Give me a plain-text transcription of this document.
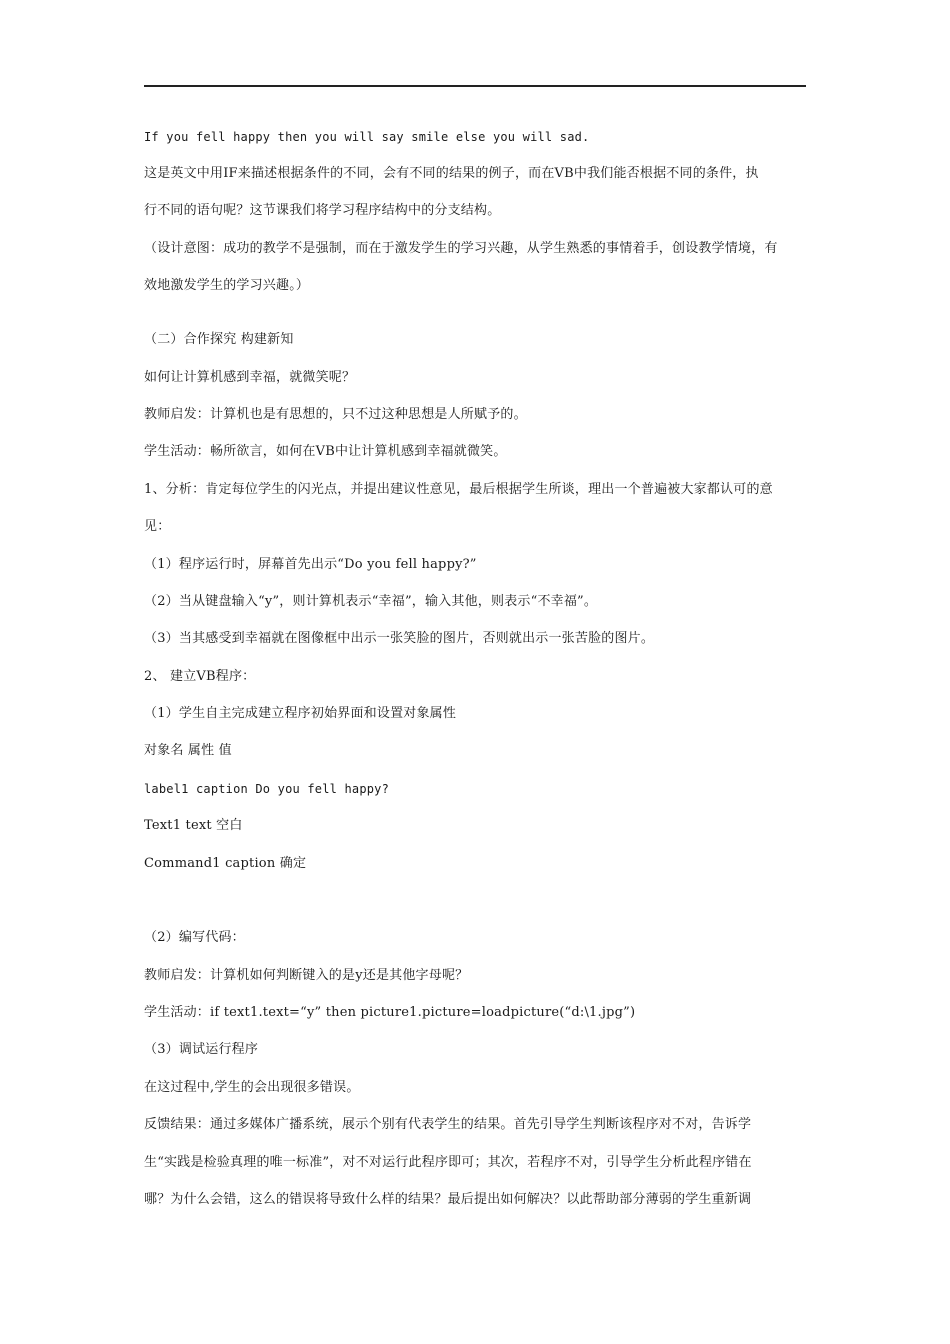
If you fell happy then you will say smile else you will sad.
这是英文中用IF来描述根据条件的不同，会有不同的结果的例子，而在VB中我们能否根据不同的条件，执
行不同的语句呢？这节课我们将学习程序结构中的分支结构。
（设计意图：成功的教学不是强制，而在于激发学生的学习兴趣，从学生熟悉的事情着手，创设教学情境，有
效地激发学生的学习兴趣。）
（二）合作探究 构建新知
如何让计算机感到幸福，就微笑呢？
教师启发：计算机也是有思想的，只不过这种思想是人所赋予的。
学生活动：畅所欲言，如何在VB中让计算机感到幸福就微笑。
1、分析：肯定每位学生的闪光点，并提出建议性意见，最后根据学生所谈，理出一个普遍被大家都认可的意
见：
（1）程序运行时，屏幕首先出示“Do you fell happy?”
（2）当从键盘输入“y”，则计算机表示“幸福”，输入其他，则表示“不幸福”。
（3）当其感受到幸福就在图像框中出示一张笑脸的图片，否则就出示一张苦脸的图片。
2、 建立VB程序：
（1）学生自主完成建立程序初始界面和设置对象属性
对象名 属性 值
label1 caption Do you fell happy?
Text1 text 空白
Command1 caption 确定
（2）编写代码：
教师启发：计算机如何判断键入的是y还是其他字母呢？
学生活动：if text1.text=“y” then picture1.picture=loadpicture(“d:\1.jpg”)
（3）调试运行程序
在这过程中,学生的会出现很多错误。
反馈结果：通过多媒体广播系统，展示个别有代表学生的结果。首先引导学生判断该程序对不对，告诉学
生“实践是检验真理的唯一标准”，对不对运行此程序即可；其次，若程序不对，引导学生分析此程序错在
哪？为什么会错，这么的错误将导致什么样的结果？最后提出如何解决？以此帮助部分薄弱的学生重新调
